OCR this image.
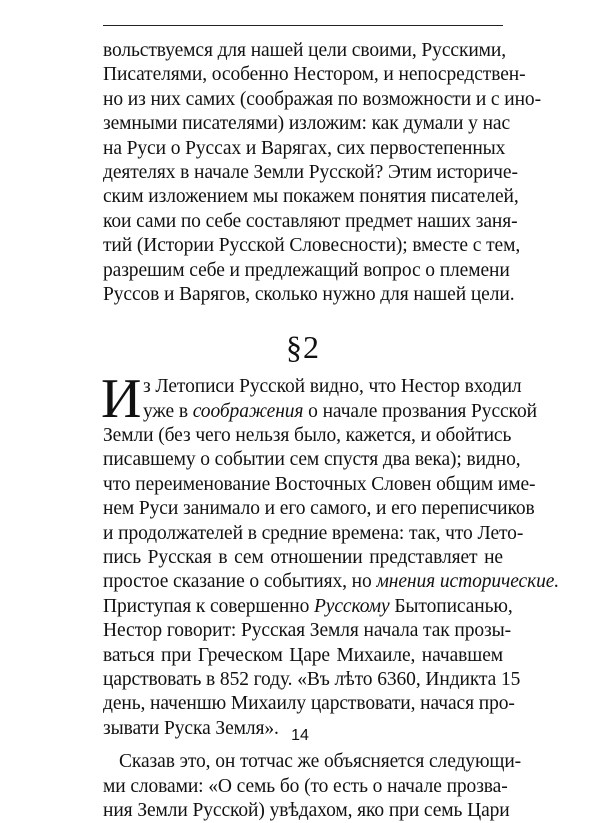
вольствуемся для нашей цели своими, Русскими,
Писателями, особенно Нестором, и непосредствен-
но из них самих (соображая по возможности и с ино-
земными писателями) изложим: как думали у нас
на Руси о Руссах и Варягах, сих первостепенных
деятелях в начале Земли Русской? Этим историче-
ским изложением мы покажем понятия писателей,
кои сами по себе составляют предмет наших заня-
тий (Истории Русской Словесности); вместе с тем,
разрешим себе и предлежащий вопрос о племени
Руссов и Варягов, сколько нужно для нашей цели.
§2
И з Летописи Русской видно, что Нестор входил
уже в соображения о начале прозвания Русской
Земли (без чего нельзя было, кажется, и обойтись
писавшему о событии сем спустя два века); видно,
что переименование Восточных Словен общим име-
нем Руси занимало и его самого, и его переписчиков
и продолжателей в средние времена: так, что Лето-
пись Русская в сем отношении представляет не
простое сказание о событиях, но мнения исторические.
Приступая к совершенно Русскому Бытописанью,
Нестор говорит: Русская Земля начала так прозы-
ваться при Греческом Царе Михаиле, начавшем
царствовать в 852 году. «Въ лѣто 6360, Индикта 15
день, наченшю Михаилу царствовати, начася про-
зывати Руска Земля».
Сказав это, он тотчас же объясняется следующи-
ми словами: «О семь бо (то есть о начале прозва-
ния Земли Русской) увѣдахом, яко при семь Цари
14
